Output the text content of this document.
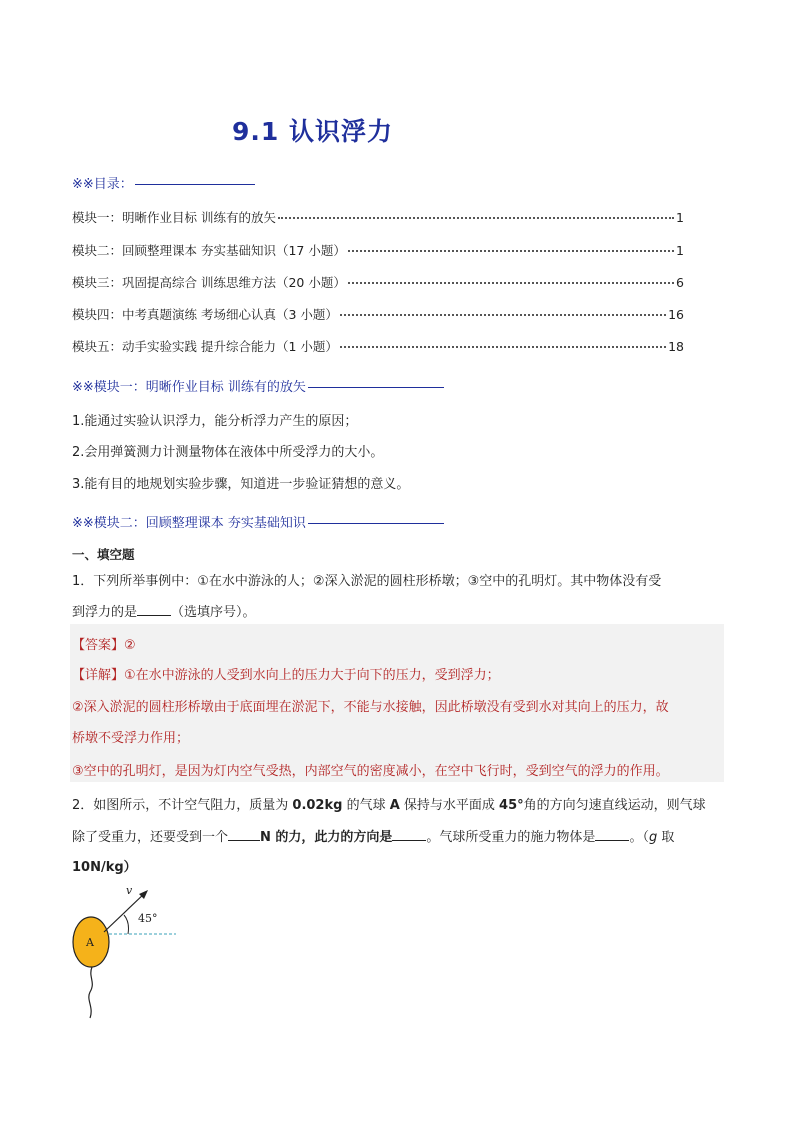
9.1 认识浮力
※※目录：
模块一：明晰作业目标 训练有的放矢	1
模块二：回顾整理课本 夯实基础知识（17 小题）	1
模块三：巩固提高综合 训练思维方法（20 小题）	6
模块四：中考真题演练 考场细心认真（3 小题）	16
模块五：动手实验实践 提升综合能力（1 小题）	18
※※模块一：明晰作业目标 训练有的放矢
1.能通过实验认识浮力，能分析浮力产生的原因；
2.会用弹簧测力计测量物体在液体中所受浮力的大小。
3.能有目的地规划实验步骤，知道进一步验证猜想的意义。
※※模块二：回顾整理课本 夯实基础知识
一、填空题
1．下列所举事例中：①在水中游泳的人；②深入淤泥的圆柱形桥墩；③空中的孔明灯。其中物体没有受
到浮力的是	（选填序号）。
【答案】②
【详解】①在水中游泳的人受到水向上的压力大于向下的压力，受到浮力；
②深入淤泥的圆柱形桥墩由于底面埋在淤泥下，不能与水接触，因此桥墩没有受到水对其向上的压力，故
桥墩不受浮力作用；
③空中的孔明灯，是因为灯内空气受热，内部空气的密度减小，在空中飞行时，受到空气的浮力的作用。
2．如图所示，不计空气阻力，质量为 0.02kg 的气球 A 保持与水平面成 45°角的方向匀速直线运动，则气球
除了受重力，还要受到一个 N 的力，此力的方向是	。气球所受重力的施力物体是	。（g 取
10N/kg）
v
45°
A
